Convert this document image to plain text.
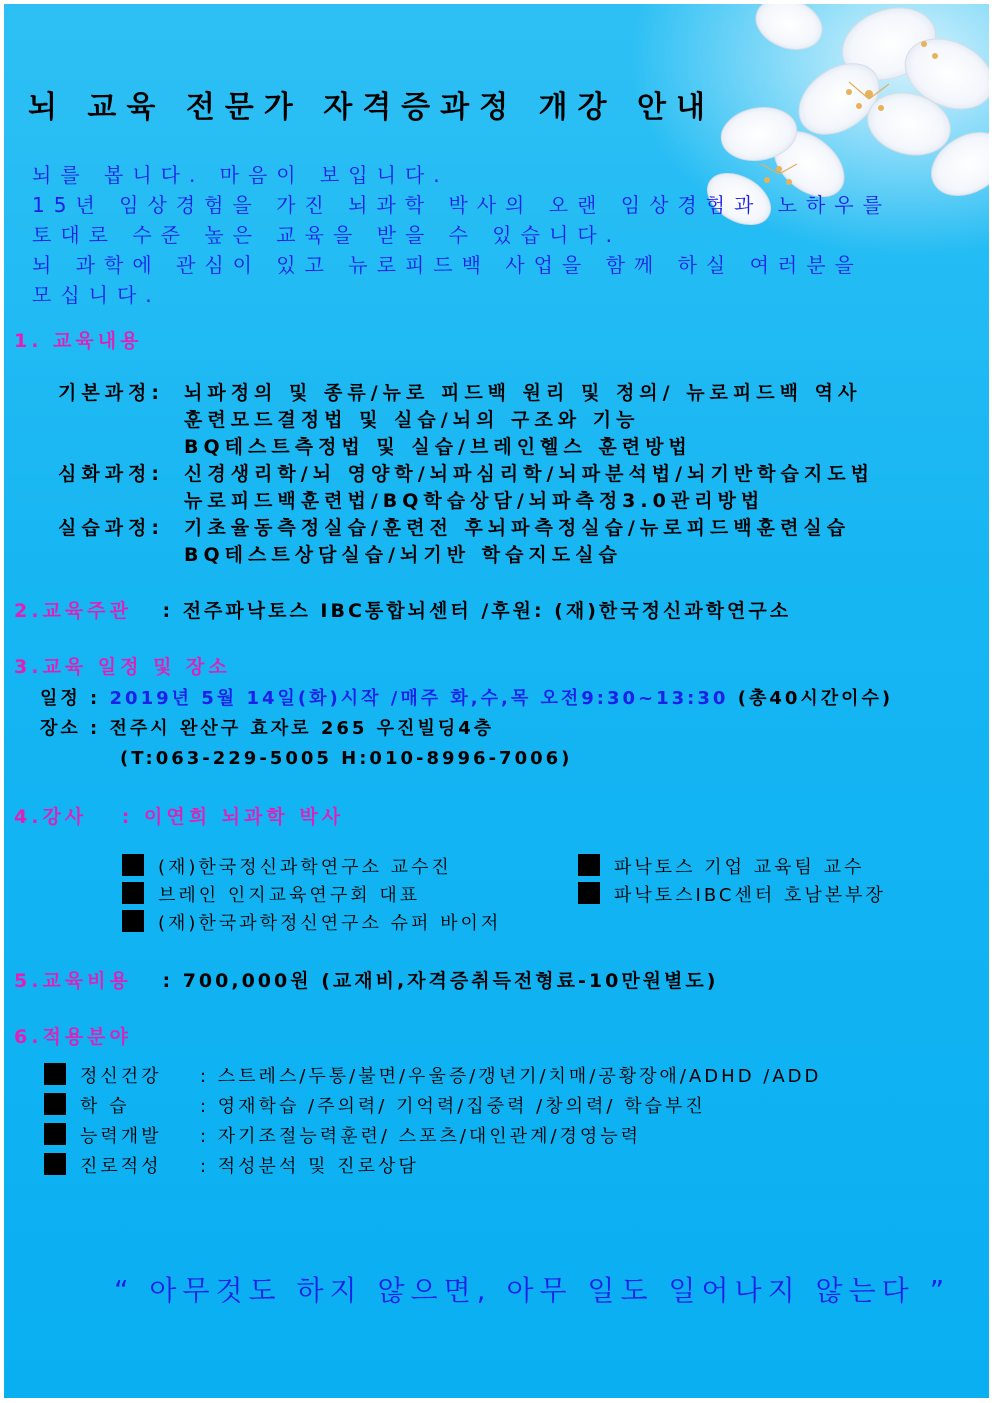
뇌 교육 전문가 자격증과정 개강 안내
뇌를 봅니다. 마음이 보입니다.
15년 임상경험을 가진 뇌과학 박사의 오랜 임상경험과 노하우를
토대로 수준 높은 교육을 받을 수 있습니다.
뇌 과학에 관심이 있고 뉴로피드백 사업을 함께 하실 여러분을
모십니다.
1. 교육내용
기본과정:	뇌파정의 및 종류/뉴로 피드백 원리 및 정의/ 뉴로피드백 역사
훈련모드결정법 및 실습/뇌의 구조와 기능
BQ테스트측정법 및 실습/브레인헬스 훈련방법
심화과정:	신경생리학/뇌 영양학/뇌파심리학/뇌파분석법/뇌기반학습지도법
뉴로피드백훈련법/BQ학습상담/뇌파측정3.0관리방법
실습과정:	기초율동측정실습/훈련전 후뇌파측정실습/뉴로피드백훈련실습
BQ테스트상담실습/뇌기반 학습지도실습
2.교육주관 : 전주파낙토스 IBC통합뇌센터 /후원: (재)한국정신과학연구소
3.교육 일정 및 장소
일정 : 2019년 5월 14일(화)시작 /매주 화,수,목 오전9:30~13:30 (총40시간이수)
장소 : 전주시 완산구 효자로 265 우진빌딩4층
(T:063-229-5005 H:010-8996-7006)
4.강사 : 이연희 뇌과학 박사
(재)한국정신과학연구소 교수진	파낙토스 기업 교육팀 교수
브레인 인지교육연구회 대표	파낙토스IBC센터 호남본부장
(재)한국과학정신연구소 슈퍼 바이저
5.교육비용 : 700,000원 (교재비,자격증취득전형료-10만원별도)
6.적용분야
정신건강 : 스트레스/두통/불면/우울증/갱년기/치매/공황장애/ADHD /ADD
학 습	: 영재학습 /주의력/ 기억력/집중력 /창의력/ 학습부진
능력개발 : 자기조절능력훈련/ 스포츠/대인관계/경영능력
진로적성 : 적성분석 및 진로상담
“ 아무것도 하지 않으면, 아무 일도 일어나지 않는다 ”
